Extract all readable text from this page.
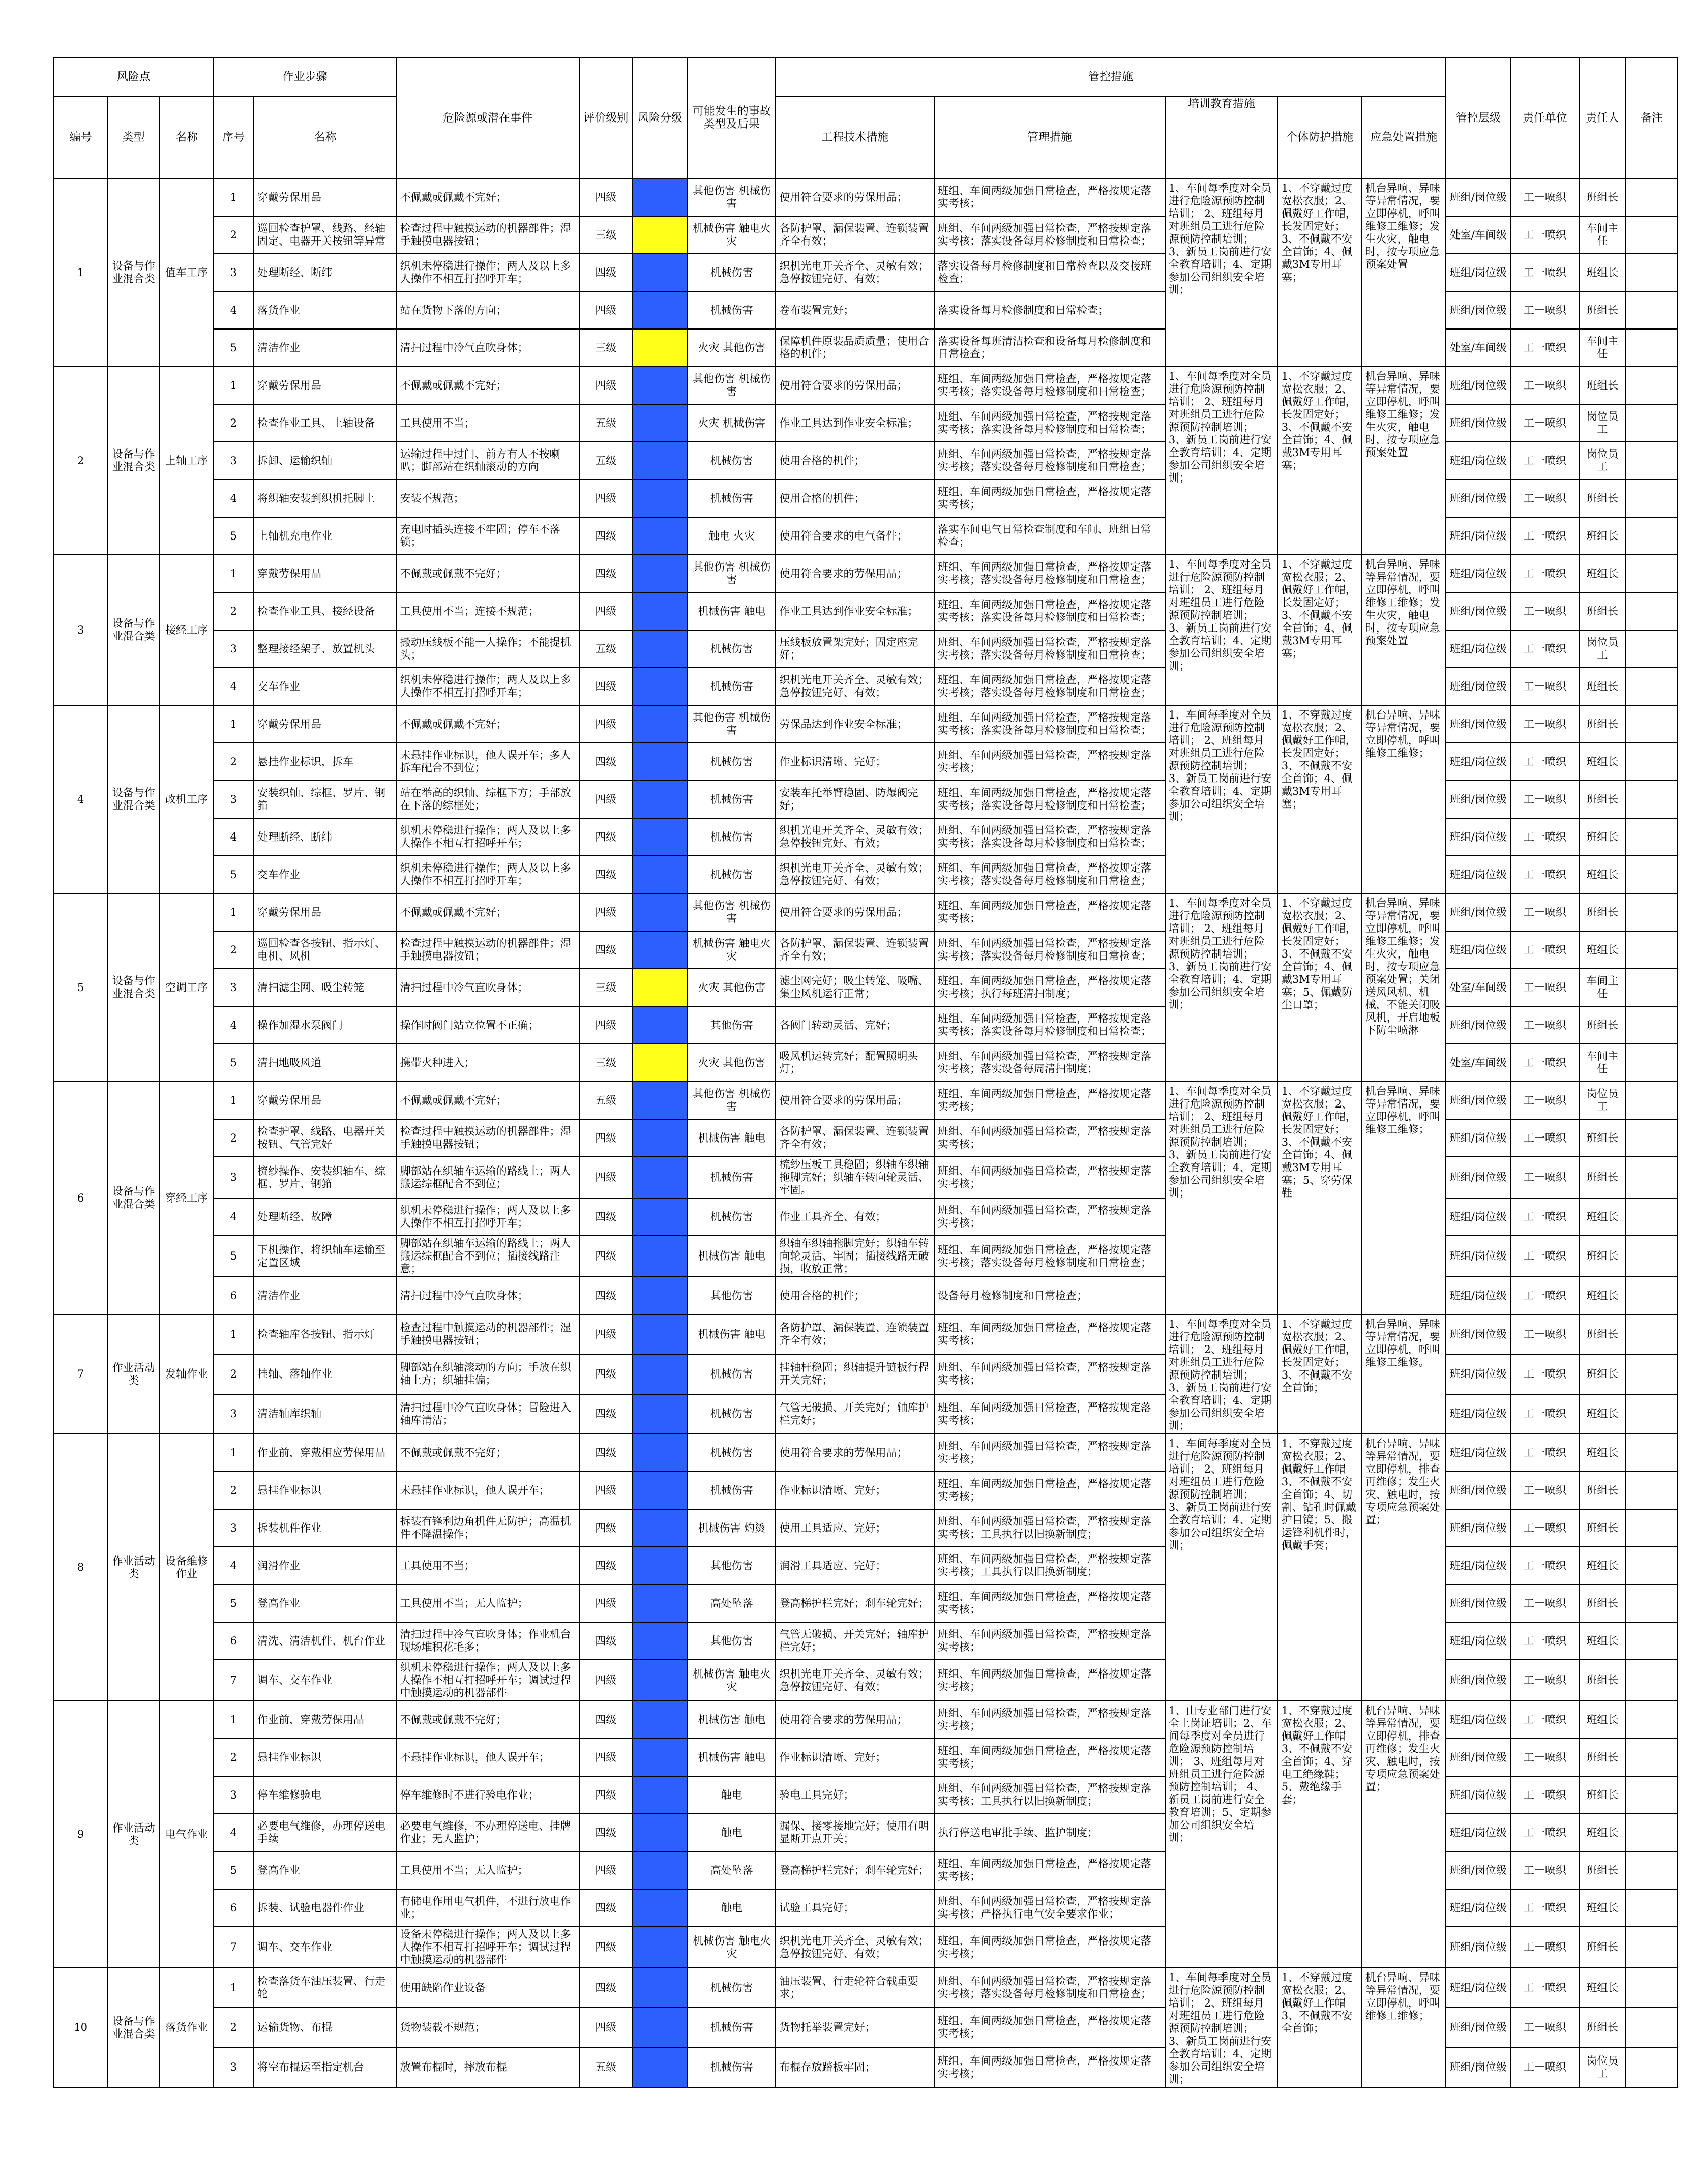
风险点			作业步骤		危险源或潜在事件	评价级别	风险分级	可能发生的事故类型及后果	管控措施					管控层级	责任单位	责任人	备注
编号	类型	名称	序号	名称					工程技术措施	管理措施	培训教育措施	个体防护措施	应急处置措施				
1	设备与作业混合类	值车工序	1	穿戴劳保用品	不佩戴或佩戴不完好；	四级		其他伤害 机械伤害	使用符合要求的劳保用品；	班组、车间两级加强日常检查，严格按规定落实考核；	1、车间每季度对全员进行危险源预防控制培训； 2、班组每月对班组员工进行危险源预防控制培训； 3、新员工岗前进行安全教育培训；4、定期参加公司组织安全培训；	1、不穿戴过度宽松衣服；2、佩戴好工作帽，长发固定好；3、不佩戴不安全首饰；4、佩戴3M专用耳塞；	机台异响、异味等异常情况，要立即停机，呼叫维修工维修；发生火灾，触电时，按专项应急预案处置	班组/岗位级	工一喷织	班组长	
			2	巡回检查护罩、线路、经轴固定、电器开关按钮等异常	检查过程中触摸运动的机器部件；湿手触摸电器按钮；	三级		机械伤害 触电火灾	各防护罩、漏保装置、连锁装置齐全有效；	班组、车间两级加强日常检查，严格按规定落实考核；落实设备每月检修制度和日常检查；				处室/车间级	工一喷织	车间主任	
			3	处理断经、断纬	织机未停稳进行操作；两人及以上多人操作不相互打招呼开车；	四级		机械伤害	织机光电开关齐全、灵敏有效；急停按钮完好、有效；	落实设备每月检修制度和日常检查以及交接班检查；				班组/岗位级	工一喷织	班组长	
			4	落货作业	站在货物下落的方向；	四级		机械伤害	卷布装置完好；	落实设备每月检修制度和日常检查；				班组/岗位级	工一喷织	班组长	
			5	清洁作业	清扫过程中冷气直吹身体；	三级		火灾 其他伤害	保障机件原装品质质量；使用合格的机件；	落实设备每班清洁检查和设备每月检修制度和日常检查；				处室/车间级	工一喷织	车间主任	
2	设备与作业混合类	上轴工序	1	穿戴劳保用品	不佩戴或佩戴不完好；	四级		其他伤害 机械伤害	使用符合要求的劳保用品；	班组、车间两级加强日常检查，严格按规定落实考核；落实设备每月检修制度和日常检查；	1、车间每季度对全员进行危险源预防控制培训； 2、班组每月对班组员工进行危险源预防控制培训； 3、新员工岗前进行安全教育培训；4、定期参加公司组织安全培训；	1、不穿戴过度宽松衣服；2、佩戴好工作帽，长发固定好；3、不佩戴不安全首饰；4、佩戴3M专用耳塞；	机台异响、异味等异常情况，要立即停机，呼叫维修工维修；发生火灾，触电时，按专项应急预案处置	班组/岗位级	工一喷织	班组长	
			2	检查作业工具、上轴设备	工具使用不当；	五级		火灾 机械伤害	作业工具达到作业安全标准；	班组、车间两级加强日常检查，严格按规定落实考核；落实设备每月检修制度和日常检查；				班组/岗位级	工一喷织	岗位员工	
			3	拆卸、运输织轴	运输过程中过门、前方有人不按喇叭；脚部站在织轴滚动的方向	五级		机械伤害	使用合格的机件；	班组、车间两级加强日常检查，严格按规定落实考核；落实设备每月检修制度和日常检查；				班组/岗位级	工一喷织	岗位员工	
			4	将织轴安装到织机托脚上	安装不规范；	四级		机械伤害	使用合格的机件；	班组、车间两级加强日常检查，严格按规定落实考核；				班组/岗位级	工一喷织	班组长	
			5	上轴机充电作业	充电时插头连接不牢固；停车不落锁；	四级		触电 火灾	使用符合要求的电气备件；	落实车间电气日常检查制度和车间、班组日常检查；				班组/岗位级	工一喷织	班组长	
3	设备与作业混合类	接经工序	1	穿戴劳保用品	不佩戴或佩戴不完好；	四级		其他伤害 机械伤害	使用符合要求的劳保用品；	班组、车间两级加强日常检查，严格按规定落实考核；落实设备每月检修制度和日常检查；	1、车间每季度对全员进行危险源预防控制培训； 2、班组每月对班组员工进行危险源预防控制培训； 3、新员工岗前进行安全教育培训；4、定期参加公司组织安全培训；	1、不穿戴过度宽松衣服；2、佩戴好工作帽，长发固定好；3、不佩戴不安全首饰；4、佩戴3M专用耳塞；	机台异响、异味等异常情况，要立即停机，呼叫维修工维修；发生火灾，触电时，按专项应急预案处置	班组/岗位级	工一喷织	班组长	
			2	检查作业工具、接经设备	工具使用不当；连接不规范；	四级		机械伤害 触电	作业工具达到作业安全标准；	班组、车间两级加强日常检查，严格按规定落实考核；落实设备每月检修制度和日常检查；				班组/岗位级	工一喷织	班组长	
			3	整理接经架子、放置机头	搬动压线板不能一人操作；不能提机头；	五级		机械伤害	压线板放置架完好；固定座完好；	班组、车间两级加强日常检查，严格按规定落实考核；落实设备每月检修制度和日常检查；				班组/岗位级	工一喷织	岗位员工	
			4	交车作业	织机未停稳进行操作；两人及以上多人操作不相互打招呼开车；	四级		机械伤害	织机光电开关齐全、灵敏有效；急停按钮完好、有效；	班组、车间两级加强日常检查，严格按规定落实考核；落实设备每月检修制度和日常检查；				班组/岗位级	工一喷织	班组长	
4	设备与作业混合类	改机工序	1	穿戴劳保用品	不佩戴或佩戴不完好；	四级		其他伤害 机械伤害	劳保品达到作业安全标准；	班组、车间两级加强日常检查，严格按规定落实考核；落实设备每月检修制度和日常检查；	1、车间每季度对全员进行危险源预防控制培训； 2、班组每月对班组员工进行危险源预防控制培训； 3、新员工岗前进行安全教育培训；4、定期参加公司组织安全培训；	1、不穿戴过度宽松衣服；2、佩戴好工作帽，长发固定好；3、不佩戴不安全首饰；4、佩戴3M专用耳塞；	机台异响、异味等异常情况，要立即停机，呼叫维修工维修；	班组/岗位级	工一喷织	班组长	
			2	悬挂作业标识，拆车	未悬挂作业标识，他人误开车；多人拆车配合不到位；	四级		机械伤害	作业标识清晰、完好；	班组、车间两级加强日常检查，严格按规定落实考核；				班组/岗位级	工一喷织	班组长	
			3	安装织轴、综框、罗片、钢筘	站在举高的织轴、综框下方；手部放在下落的综框处；	四级		机械伤害	安装车托举臂稳固、防爆阀完好；	班组、车间两级加强日常检查，严格按规定落实考核；落实设备每月检修制度和日常检查；				班组/岗位级	工一喷织	班组长	
			4	处理断经、断纬	织机未停稳进行操作；两人及以上多人操作不相互打招呼开车；	四级		机械伤害	织机光电开关齐全、灵敏有效；急停按钮完好、有效；	班组、车间两级加强日常检查，严格按规定落实考核；落实设备每月检修制度和日常检查；				班组/岗位级	工一喷织	班组长	
			5	交车作业	织机未停稳进行操作；两人及以上多人操作不相互打招呼开车；	四级		机械伤害	织机光电开关齐全、灵敏有效；急停按钮完好、有效；	班组、车间两级加强日常检查，严格按规定落实考核；落实设备每月检修制度和日常检查；				班组/岗位级	工一喷织	班组长	
5	设备与作业混合类	空调工序	1	穿戴劳保用品	不佩戴或佩戴不完好；	四级		其他伤害 机械伤害	使用符合要求的劳保用品；	班组、车间两级加强日常检查，严格按规定落实考核；	1、车间每季度对全员进行危险源预防控制培训； 2、班组每月对班组员工进行危险源预防控制培训； 3、新员工岗前进行安全教育培训；4、定期参加公司组织安全培训；	1、不穿戴过度宽松衣服；2、佩戴好工作帽，长发固定好；3、不佩戴不安全首饰；4、佩戴3M专用耳塞；5、佩戴防尘口罩；	机台异响、异味等异常情况，要立即停机，呼叫维修工维修；发生火灾，触电时，按专项应急预案处置；关闭送风风机、机械，不能关闭吸风机，开启地板下防尘喷淋	班组/岗位级	工一喷织	班组长	
			2	巡回检查各按钮、指示灯、电机、风机	检查过程中触摸运动的机器部件；湿手触摸电器按钮；	四级		机械伤害 触电火灾	各防护罩、漏保装置、连锁装置齐全有效；	班组、车间两级加强日常检查，严格按规定落实考核；落实设备每月检修制度和日常检查；				班组/岗位级	工一喷织	班组长	
			3	清扫滤尘网、吸尘转笼	清扫过程中冷气直吹身体；	三级		火灾 其他伤害	滤尘网完好；吸尘转笼、吸嘴、集尘风机运行正常；	班组、车间两级加强日常检查，严格按规定落实考核；执行每班清扫制度；				处室/车间级	工一喷织	车间主任	
			4	操作加湿水泵阀门	操作时阀门站立位置不正确；	四级		其他伤害	各阀门转动灵活、完好；	班组、车间两级加强日常检查，严格按规定落实考核；落实设备每月检修制度和日常检查；				班组/岗位级	工一喷织	班组长	
			5	清扫地吸风道	携带火种进入；	三级		火灾 其他伤害	吸风机运转完好；配置照明头灯；	班组、车间两级加强日常检查，严格按规定落实考核；落实设备每周清扫制度；				处室/车间级	工一喷织	车间主任	
6	设备与作业混合类	穿经工序	1	穿戴劳保用品	不佩戴或佩戴不完好；	五级		其他伤害 机械伤害	使用符合要求的劳保用品；	班组、车间两级加强日常检查，严格按规定落实考核；	1、车间每季度对全员进行危险源预防控制培训； 2、班组每月对班组员工进行危险源预防控制培训； 3、新员工岗前进行安全教育培训；4、定期参加公司组织安全培训；	1、不穿戴过度宽松衣服；2、佩戴好工作帽，长发固定好；3、不佩戴不安全首饰；4、佩戴3M专用耳塞；5、穿劳保鞋	机台异响、异味等异常情况，要立即停机，呼叫维修工维修；	班组/岗位级	工一喷织	岗位员工	
			2	检查护罩、线路、电器开关按钮、气管完好	检查过程中触摸运动的机器部件；湿手触摸电器按钮；	四级		机械伤害 触电	各防护罩、漏保装置、连锁装置齐全有效；	班组、车间两级加强日常检查，严格按规定落实考核；				班组/岗位级	工一喷织	班组长	
			3	梳纱操作、安装织轴车、综框、罗片、钢筘	脚部站在织轴车运输的路线上；两人搬运综框配合不到位；	四级		机械伤害	梳纱压板工具稳固；织轴车织轴拖脚完好；织轴车转向轮灵活、牢固。	班组、车间两级加强日常检查，严格按规定落实考核；				班组/岗位级	工一喷织	班组长	
			4	处理断经、故障	织机未停稳进行操作；两人及以上多人操作不相互打招呼开车；	四级		机械伤害	作业工具齐全、有效；	班组、车间两级加强日常检查，严格按规定落实考核；				班组/岗位级	工一喷织	班组长	
			5	下机操作，将织轴车运输至定置区域	脚部站在织轴车运输的路线上；两人搬运综框配合不到位；插接线路注意；	四级		机械伤害 触电	织轴车织轴拖脚完好；织轴车转向轮灵活、牢固；插接线路无破损，收放正常；	班组、车间两级加强日常检查，严格按规定落实考核；落实设备每月检修制度和日常检查；				班组/岗位级	工一喷织	班组长	
			6	清洁作业	清扫过程中冷气直吹身体；	四级		其他伤害	使用合格的机件；	设备每月检修制度和日常检查；				班组/岗位级	工一喷织	班组长	
7	作业活动类	发轴作业	1	检查轴库各按钮、指示灯	检查过程中触摸运动的机器部件；湿手触摸电器按钮；	四级		机械伤害 触电	各防护罩、漏保装置、连锁装置齐全有效；	班组、车间两级加强日常检查，严格按规定落实考核；	1、车间每季度对全员进行危险源预防控制培训； 2、班组每月对班组员工进行危险源预防控制培训； 3、新员工岗前进行安全教育培训；4、定期参加公司组织安全培训；	1、不穿戴过度宽松衣服；2、佩戴好工作帽，长发固定好；3、不佩戴不安全首饰；	机台异响、异味等异常情况，要立即停机，呼叫维修工维修。	班组/岗位级	工一喷织	班组长	
			2	挂轴、落轴作业	脚部站在织轴滚动的方向；手放在织轴上方；织轴挂偏；	四级		机械伤害	挂轴杆稳固；织轴提升链板行程开关完好；	班组、车间两级加强日常检查，严格按规定落实考核；				班组/岗位级	工一喷织	班组长	
			3	清洁轴库织轴	清扫过程中冷气直吹身体；冒险进入轴库清洁；	四级		机械伤害	气管无破损、开关完好；轴库护栏完好；	班组、车间两级加强日常检查，严格按规定落实考核；				班组/岗位级	工一喷织	班组长	
8	作业活动类	设备维修作业	1	作业前，穿戴相应劳保用品	不佩戴或佩戴不完好；	四级		机械伤害	使用符合要求的劳保用品；	班组、车间两级加强日常检查，严格按规定落实考核；	1、车间每季度对全员进行危险源预防控制培训； 2、班组每月对班组员工进行危险源预防控制培训； 3、新员工岗前进行安全教育培训；4、定期参加公司组织安全培训；	1、不穿戴过度宽松衣服；2、佩戴好工作帽3、不佩戴不安全首饰；4、切割、钻孔时佩戴护目镜；5、搬运锋利机件时，佩戴手套；	机台异响、异味等异常情况，要立即停机，排查再维修；发生火灾、触电时，按专项应急预案处置；	班组/岗位级	工一喷织	班组长	
			2	悬挂作业标识	未悬挂作业标识，他人误开车；	四级		机械伤害	作业标识清晰、完好；	班组、车间两级加强日常检查，严格按规定落实考核；				班组/岗位级	工一喷织	班组长	
			3	拆装机件作业	拆装有锋利边角机件无防护；高温机件不降温操作；	四级		机械伤害 灼烫	使用工具适应、完好；	班组、车间两级加强日常检查，严格按规定落实考核；工具执行以旧换新制度；				班组/岗位级	工一喷织	班组长	
			4	润滑作业	工具使用不当；	四级		其他伤害	润滑工具适应、完好；	班组、车间两级加强日常检查，严格按规定落实考核；工具执行以旧换新制度；				班组/岗位级	工一喷织	班组长	
			5	登高作业	工具使用不当；无人监护；	四级		高处坠落	登高梯护栏完好；刹车轮完好；	班组、车间两级加强日常检查，严格按规定落实考核；				班组/岗位级	工一喷织	班组长	
			6	清洗、清洁机件、机台作业	清扫过程中冷气直吹身体；作业机台现场堆积花毛多；	四级		其他伤害	气管无破损、开关完好；轴库护栏完好；	班组、车间两级加强日常检查，严格按规定落实考核；				班组/岗位级	工一喷织	班组长	
			7	调车、交车作业	织机未停稳进行操作；两人及以上多人操作不相互打招呼开车；调试过程中触摸运动的机器部件	四级		机械伤害 触电火灾	织机光电开关齐全、灵敏有效；急停按钮完好、有效；	班组、车间两级加强日常检查，严格按规定落实考核；				班组/岗位级	工一喷织	班组长	
9	作业活动类	电气作业	1	作业前，穿戴劳保用品	不佩戴或佩戴不完好；	四级		机械伤害 触电	使用符合要求的劳保用品；	班组、车间两级加强日常检查，严格按规定落实考核；	1、由专业部门进行安全上岗证培训；2、车间每季度对全员进行危险源预防控制培训； 3、班组每月对班组员工进行危险源预防控制培训； 4、新员工岗前进行安全教育培训；5、定期参加公司组织安全培训；	1、不穿戴过度宽松衣服；2、佩戴好工作帽3、不佩戴不安全首饰；4、穿电工绝缘鞋；5、戴绝缘手套；	机台异响、异味等异常情况，要立即停机，排查再维修；发生火灾、触电时，按专项应急预案处置；	班组/岗位级	工一喷织	班组长	
			2	悬挂作业标识	不悬挂作业标识，他人误开车；	四级		机械伤害 触电	作业标识清晰、完好；	班组、车间两级加强日常检查，严格按规定落实考核；				班组/岗位级	工一喷织	班组长	
			3	停车维修验电	停车维修时不进行验电作业；	四级		触电	验电工具完好；	班组、车间两级加强日常检查，严格按规定落实考核；工具执行以旧换新制度；				班组/岗位级	工一喷织	班组长	
			4	必要电气维修，办理停送电手续	必要电气维修，不办理停送电、挂牌作业；无人监护；	四级		触电	漏保、接零接地完好；使用有明显断开点开关；	执行停送电审批手续、监护制度；				班组/岗位级	工一喷织	班组长	
			5	登高作业	工具使用不当；无人监护；	四级		高处坠落	登高梯护栏完好；刹车轮完好；	班组、车间两级加强日常检查，严格按规定落实考核；				班组/岗位级	工一喷织	班组长	
			6	拆装、试验电器件作业	有储电作用电气机件，不进行放电作业；	四级		触电	试验工具完好；	班组、车间两级加强日常检查，严格按规定落实考核；严格执行电气安全要求作业；				班组/岗位级	工一喷织	班组长	
			7	调车、交车作业	设备未停稳进行操作；两人及以上多人操作不相互打招呼开车；调试过程中触摸运动的机器部件	四级		机械伤害 触电火灾	织机光电开关齐全、灵敏有效；急停按钮完好、有效；	班组、车间两级加强日常检查，严格按规定落实考核；				班组/岗位级	工一喷织	班组长	
10	设备与作业混合类	落货作业	1	检查落货车油压装置、行走轮	使用缺陷作业设备	四级		机械伤害	油压装置、行走轮符合载重要求；	班组、车间两级加强日常检查，严格按规定落实考核；落实设备每月检修制度和日常检查；	1、车间每季度对全员进行危险源预防控制培训； 2、班组每月对班组员工进行危险源预防控制培训； 3、新员工岗前进行安全教育培训；4、定期参加公司组织安全培训；	1、不穿戴过度宽松衣服；2、佩戴好工作帽3、不佩戴不安全首饰；	机台异响、异味等异常情况，要立即停机，呼叫维修工维修；	班组/岗位级	工一喷织	班组长	
			2	运输货物、布棍	货物装载不规范；	四级		机械伤害	货物托举装置完好；	班组、车间两级加强日常检查，严格按规定落实考核；				班组/岗位级	工一喷织	班组长	
			3	将空布棍运至指定机台	放置布棍时，摔放布棍	五级		机械伤害	布棍存放踏板牢固；	班组、车间两级加强日常检查，严格按规定落实考核；				班组/岗位级	工一喷织	岗位员工	
